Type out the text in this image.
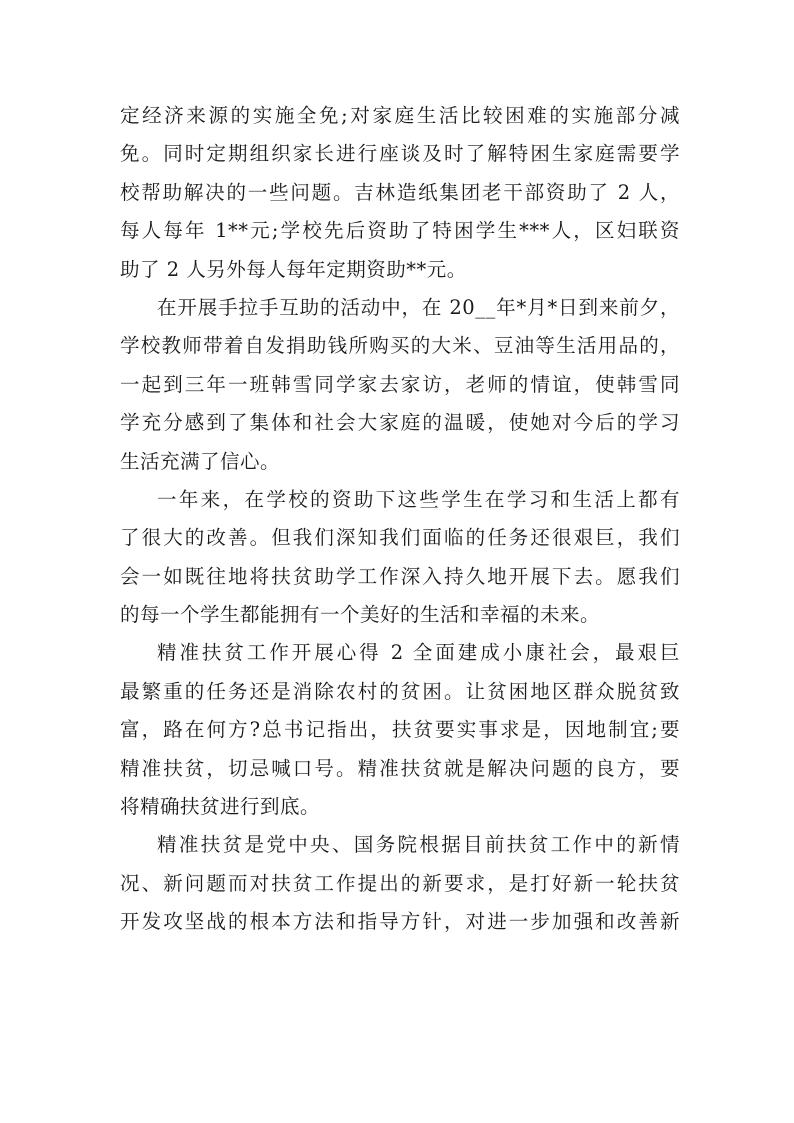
定经济来源的实施全免;对家庭生活比较困难的实施部分减
免。同时定期组织家长进行座谈及时了解特困生家庭需要学
校帮助解决的一些问题。吉林造纸集团老干部资助了 2 人，
每人每年 1**元;学校先后资助了特困学生***人，区妇联资
助了 2 人另外每人每年定期资助**元。
在开展手拉手互助的活动中，在 20__年*月*日到来前夕，
学校教师带着自发捐助钱所购买的大米、豆油等生活用品的，
一起到三年一班韩雪同学家去家访，老师的情谊，使韩雪同
学充分感到了集体和社会大家庭的温暖，使她对今后的学习
生活充满了信心。
一年来，在学校的资助下这些学生在学习和生活上都有
了很大的改善。但我们深知我们面临的任务还很艰巨，我们
会一如既往地将扶贫助学工作深入持久地开展下去。愿我们
的每一个学生都能拥有一个美好的生活和幸福的未来。
精准扶贫工作开展心得 2 全面建成小康社会，最艰巨
最繁重的任务还是消除农村的贫困。让贫困地区群众脱贫致
富，路在何方?总书记指出，扶贫要实事求是，因地制宜;要
精准扶贫，切忌喊口号。精准扶贫就是解决问题的良方，要
将精确扶贫进行到底。
精准扶贫是党中央、国务院根据目前扶贫工作中的新情
况、新问题而对扶贫工作提出的新要求，是打好新一轮扶贫
开发攻坚战的根本方法和指导方针，对进一步加强和改善新
